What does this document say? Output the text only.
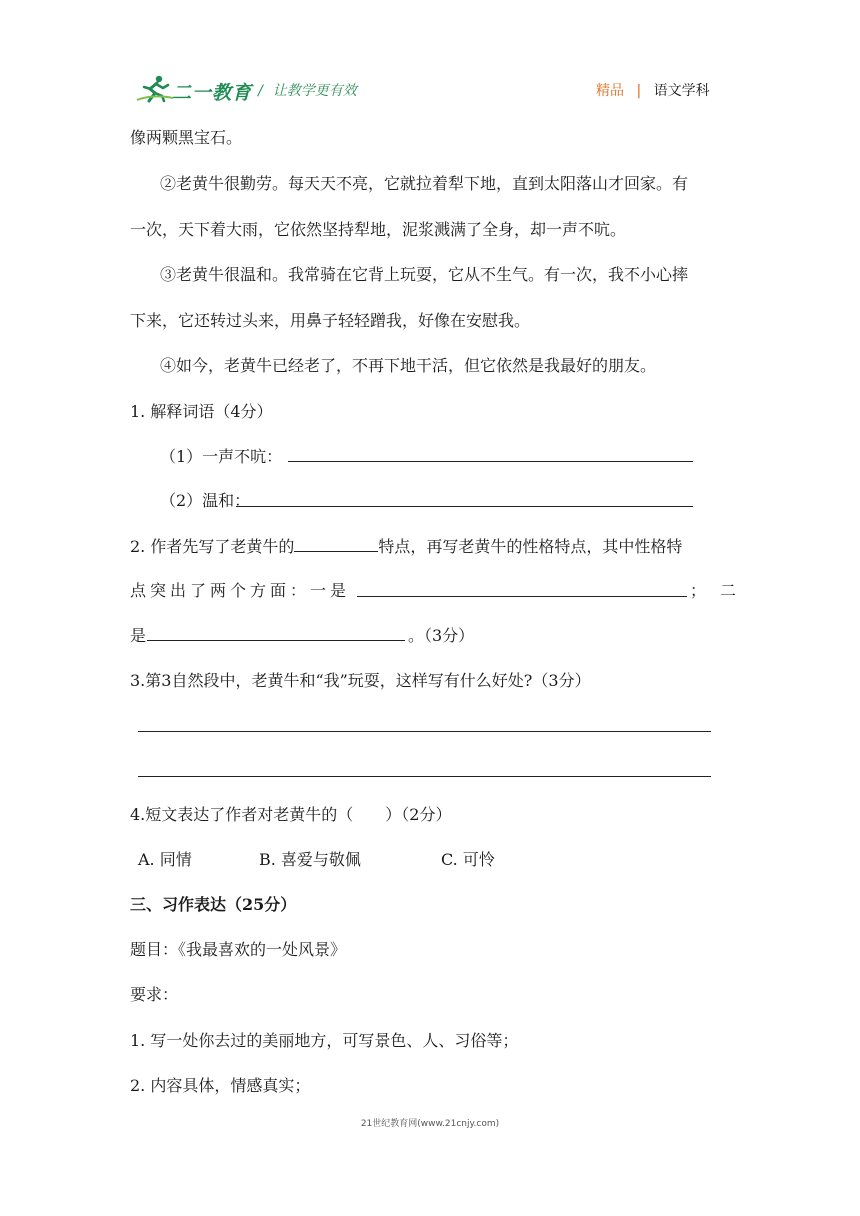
二一教育 / 让教学更有效	精品 | 语文学科
像两颗黑宝石。
②老黄牛很勤劳。每天天不亮，它就拉着犁下地，直到太阳落山才回家。有
一次，天下着大雨，它依然坚持犁地，泥浆溅满了全身，却一声不吭。
③老黄牛很温和。我常骑在它背上玩耍，它从不生气。有一次，我不小心摔
下来，它还转过头来，用鼻子轻轻蹭我，好像在安慰我。
④如今，老黄牛已经老了，不再下地干活，但它依然是我最好的朋友。
1. 解释词语（4分）
（1）一声不吭：
（2）温和：
2. 作者先写了老黄牛的	特点，再写老黄牛的性格特点，其中性格特
点突出了两个方面：一是	；二
是	。（3分）
3.第3自然段中，老黄牛和“我”玩耍，这样写有什么好处?（3分）
4.短文表达了作者对老黄牛的（　　）（2分）
A. 同情	B. 喜爱与敬佩	C. 可怜
三、习作表达（25分）
题目：《我最喜欢的一处风景》
要求：
1. 写一处你去过的美丽地方，可写景色、人、习俗等；
2. 内容具体，情感真实；
21世纪教育网(www.21cnjy.com)
